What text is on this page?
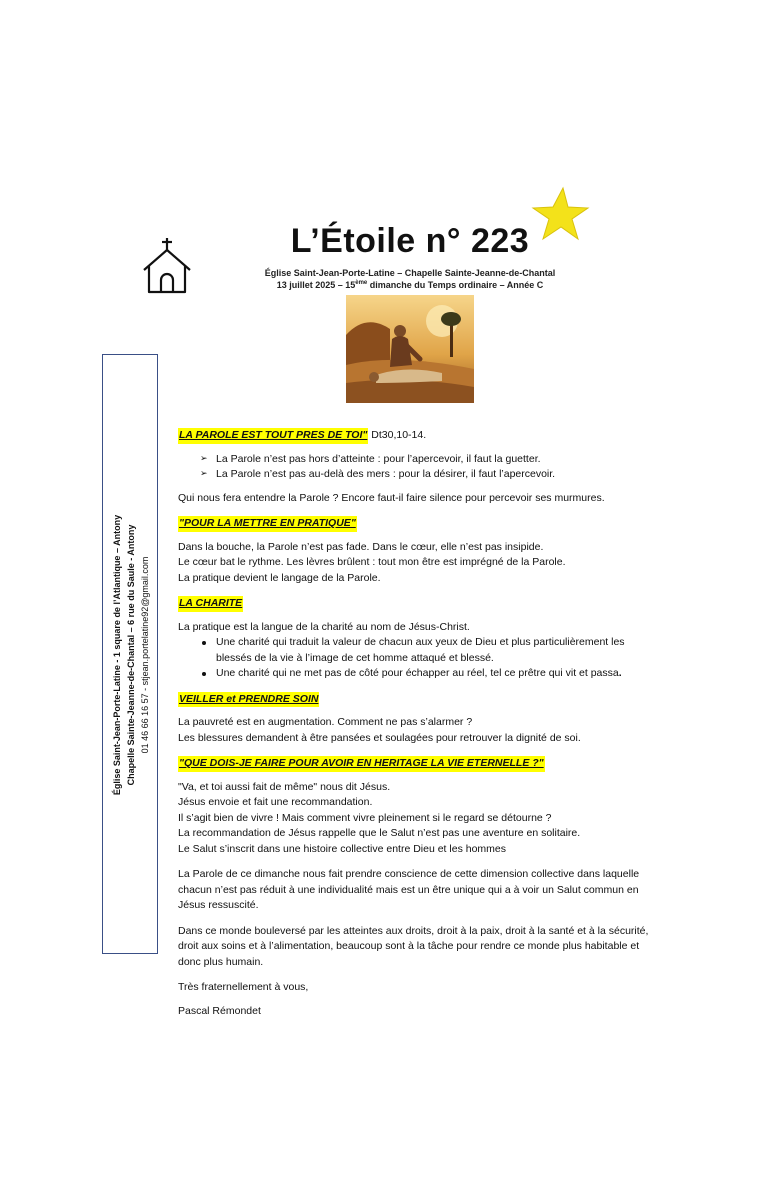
L’Étoile n° 223
Église Saint-Jean-Porte-Latine – Chapelle Sainte-Jeanne-de-Chantal
13 juillet 2025 – 15ème dimanche du Temps ordinaire – Année C
Église Saint-Jean-Porte-Latine - 1 square de l’Atlantique – Antony Chapelle Sainte-Jeanne-de-Chantal – 6 rue du Saule - Antony 01 46 66 16 57 - stjean.portelatine92@gmail.com

LA PAROLE EST TOUT PRES DE TOI" Dt30,10-14.

➢ La Parole n’est pas hors d’atteinte : pour l’apercevoir, il faut la guetter.
➢ La Parole n’est pas au-delà des mers : pour la désirer, il faut l’apercevoir.

Qui nous fera entendre la Parole ? Encore faut-il faire silence pour percevoir ses murmures.

"POUR LA METTRE EN PRATIQUE"

Dans la bouche, la Parole n’est pas fade. Dans le cœur, elle n’est pas insipide.

Le cœur bat le rythme. Les lèvres brûlent : tout mon être est imprégné de la Parole.

La pratique devient le langage de la Parole.

LA CHARITE

La pratique est la langue de la charité au nom de Jésus-Christ.

Une charité qui traduit la valeur de chacun aux yeux de Dieu et plus particulièrement les blessés de la vie à l’image de cet homme attaqué et blessé.
Une charité qui ne met pas de côté pour échapper au réel, tel ce prêtre qui vit et passa.

VEILLER et PRENDRE SOIN

La pauvreté est en augmentation. Comment ne pas s’alarmer ?

Les blessures demandent à être pansées et soulagées pour retrouver la dignité de soi.

"QUE DOIS-JE FAIRE POUR AVOIR EN HERITAGE LA VIE ETERNELLE ?"

"Va, et toi aussi fait de même" nous dit Jésus.

Jésus envoie et fait une recommandation.

Il s’agit bien de vivre ! Mais comment vivre pleinement si le regard se détourne ?

La recommandation de Jésus rappelle que le Salut n’est pas une aventure en solitaire.

Le Salut s’inscrit dans une histoire collective entre Dieu et les hommes

La Parole de ce dimanche nous fait prendre conscience de cette dimension collective dans laquelle chacun n’est pas réduit à une individualité mais est un être unique qui a à voir un Salut commun en Jésus ressuscité.

Dans ce monde bouleversé par les atteintes aux droits, droit à la paix, droit à la santé et à la sécurité, droit aux soins et à l’alimentation, beaucoup sont à la tâche pour rendre ce monde plus habitable et donc plus humain.

Très fraternellement à vous,

Pascal Rémondet
